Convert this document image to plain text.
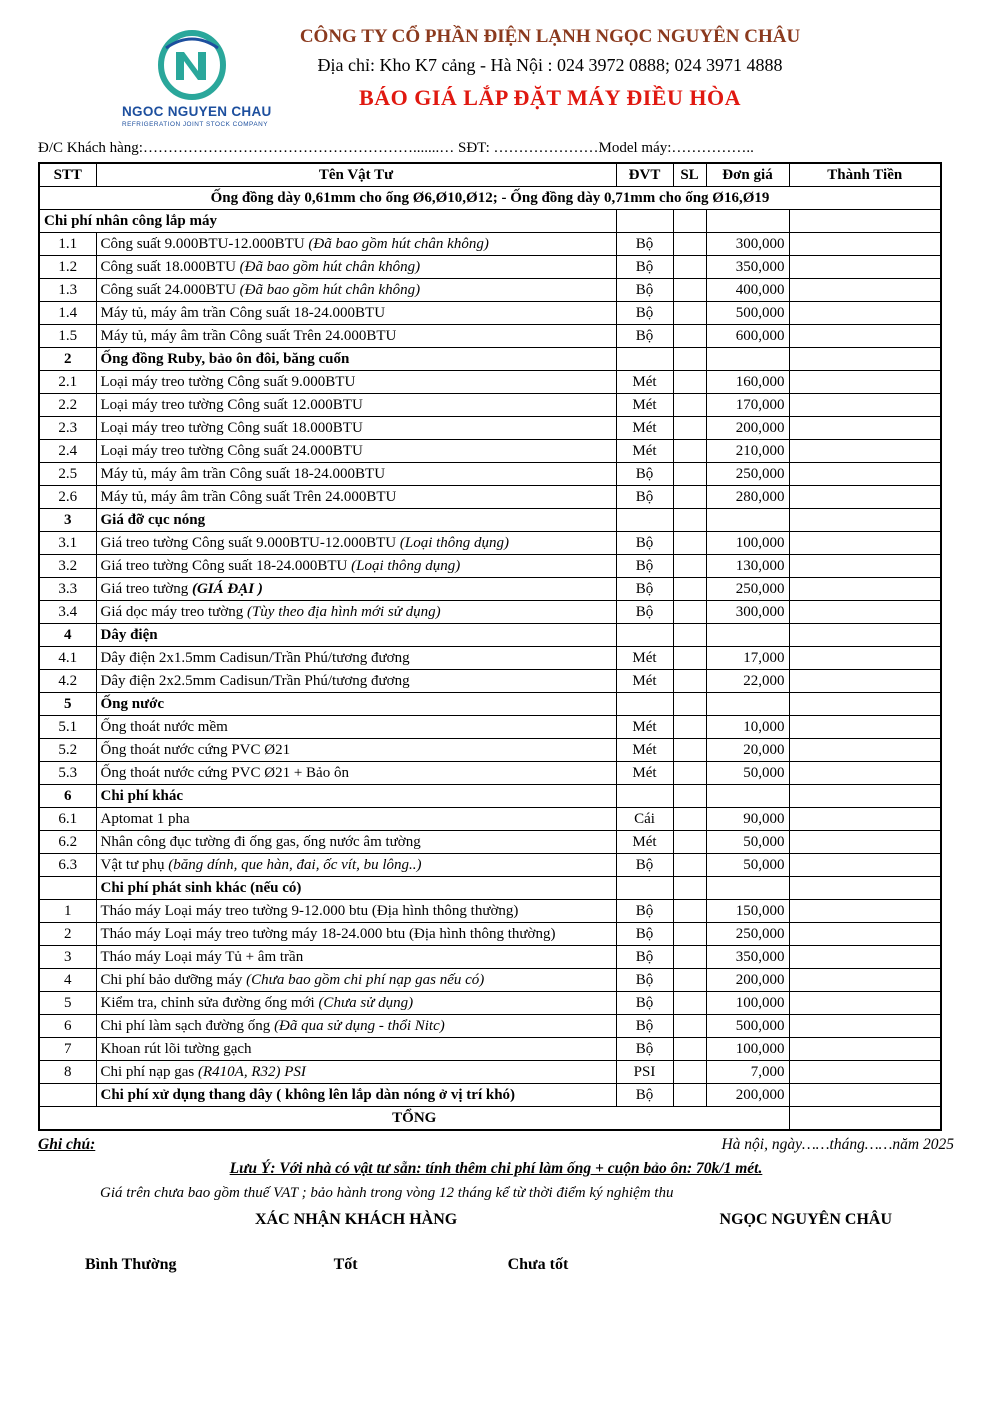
NGOC NGUYEN CHAU
REFRIGERATION JOINT STOCK COMPANY
CÔNG TY CỔ PHẦN ĐIỆN LẠNH NGỌC NGUYÊN CHÂU
Địa chỉ: Kho K7 cảng - Hà Nội : 024 3972 0888; 024 3971 4888
BÁO GIÁ LẮP ĐẶT MÁY ĐIỀU HÒA
Đ/C Khách hàng:……………………………………………….......… SĐT: …………………Model máy:……………..
STT	Tên Vật Tư	ĐVT	SL	Đơn giá	Thành Tiền
Ống đồng dày 0,61mm cho ống Ø6,Ø10,Ø12; - Ống đồng dày 0,71mm cho ống Ø16,Ø19					
Chi phí nhân công lắp máy					
1.1	Công suất 9.000BTU-12.000BTU (Đã bao gồm hút chân không)	Bộ		300,000	
1.2	Công suất 18.000BTU (Đã bao gồm hút chân không)	Bộ		350,000	
1.3	Công suất 24.000BTU (Đã bao gồm hút chân không)	Bộ		400,000	
1.4	Máy tủ, máy âm trần Công suất 18-24.000BTU	Bộ		500,000	
1.5	Máy tủ, máy âm trần Công suất Trên 24.000BTU	Bộ		600,000	
2	Ống đồng Ruby, bảo ôn đôi, băng cuốn				
2.1	Loại máy treo tường Công suất 9.000BTU	Mét		160,000	
2.2	Loại máy treo tường Công suất 12.000BTU	Mét		170,000	
2.3	Loại máy treo tường Công suất 18.000BTU	Mét		200,000	
2.4	Loại máy treo tường Công suất 24.000BTU	Mét		210,000	
2.5	Máy tủ, máy âm trần Công suất 18-24.000BTU	Bộ		250,000	
2.6	Máy tủ, máy âm trần Công suất Trên 24.000BTU	Bộ		280,000	
3	Giá đỡ cục nóng				
3.1	Giá treo tường Công suất 9.000BTU-12.000BTU (Loại thông dụng)	Bộ		100,000	
3.2	Giá treo tường Công suất 18-24.000BTU (Loại thông dụng)	Bộ		130,000	
3.3	Giá treo tường (GIÁ ĐẠI )	Bộ		250,000	
3.4	Giá dọc máy treo tường (Tùy theo địa hình mới sử dụng)	Bộ		300,000	
4	Dây điện				
4.1	Dây điện 2x1.5mm Cadisun/Trần Phú/tương đương	Mét		17,000	
4.2	Dây điện 2x2.5mm Cadisun/Trần Phú/tương đương	Mét		22,000	
5	Ống nước				
5.1	Ống thoát nước mềm	Mét		10,000	
5.2	Ống thoát nước cứng PVC Ø21	Mét		20,000	
5.3	Ống thoát nước cứng PVC Ø21 + Bảo ôn	Mét		50,000	
6	Chi phí khác				
6.1	Aptomat 1 pha	Cái		90,000	
6.2	Nhân công đục tường đi ống gas, ống nước âm tường	Mét		50,000	
6.3	Vật tư phụ (băng dính, que hàn, đai, ốc vít, bu lông..)	Bộ		50,000	
	Chi phí phát sinh khác (nếu có)				
1	Tháo máy Loại máy treo tường 9-12.000 btu (Địa hình thông thường)	Bộ		150,000	
2	Tháo máy Loại máy treo tường máy 18-24.000 btu (Địa hình thông thường)	Bộ		250,000	
3	Tháo máy Loại máy Tủ + âm trần	Bộ		350,000	
4	Chi phí bảo dưỡng máy (Chưa bao gồm chi phí nạp gas nếu có)	Bộ		200,000	
5	Kiểm tra, chỉnh sửa đường ống mới (Chưa sử dụng)	Bộ		100,000	
6	Chi phí làm sạch đường ống (Đã qua sử dụng - thổi Nitc)	Bộ		500,000	
7	Khoan rút lõi tường gạch	Bộ		100,000	
8	Chi phí nạp gas (R410A, R32) PSI	PSI		7,000	
	Chi phí xử dụng thang dây ( không lên lắp dàn nóng ở vị trí khó)	Bộ		200,000	
TỔNG					
Ghi chú:	Hà nội, ngày……tháng……năm 2025
Lưu Ý: Với nhà có vật tư sẵn: tính thêm chi phí làm ống + cuộn bảo ôn: 70k/1 mét.
Giá trên chưa bao gồm thuế VAT ; bảo hành trong vòng 12 tháng kể từ thời điểm ký nghiệm thu
XÁC NHẬN KHÁCH HÀNG	NGỌC NGUYÊN CHÂU
Bình Thường	Tốt	Chưa tốt
